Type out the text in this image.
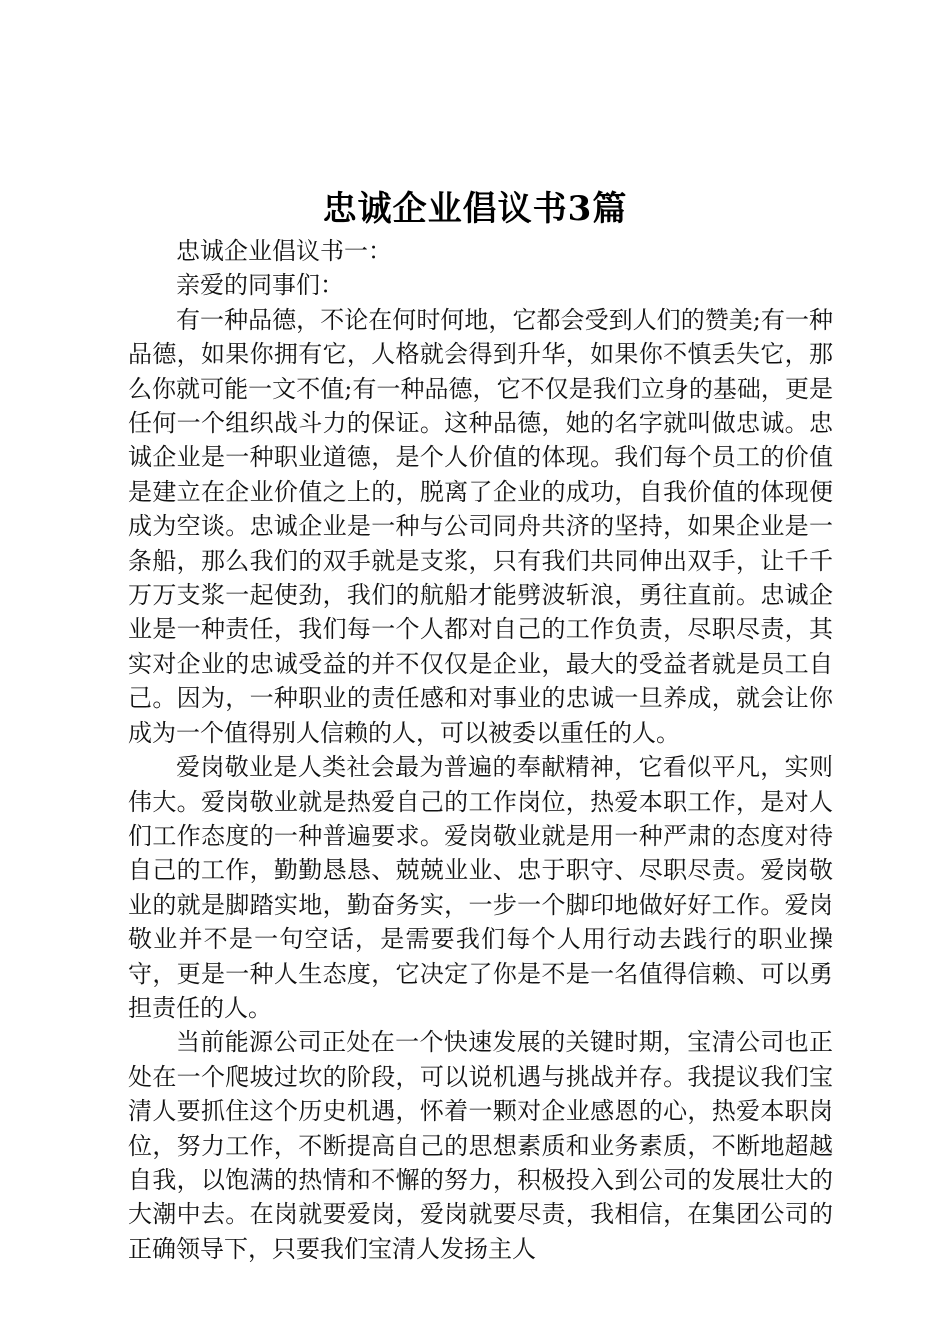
忠诚企业倡议书3篇

忠诚企业倡议书一：

亲爱的同事们：

有一种品德，不论在何时何地，它都会受到人们的赞美;有一种品德，如果你拥有它，人格就会得到升华，如果你不慎丢失它，那么你就可能一文不值;有一种品德，它不仅是我们立身的基础，更是任何一个组织战斗力的保证。这种品德，她的名字就叫做忠诚。忠诚企业是一种职业道德，是个人价值的体现。我们每个员工的价值是建立在企业价值之上的，脱离了企业的成功，自我价值的体现便成为空谈。忠诚企业是一种与公司同舟共济的坚持，如果企业是一条船，那么我们的双手就是支浆，只有我们共同伸出双手，让千千万万支浆一起使劲，我们的航船才能劈波斩浪，勇往直前。忠诚企业是一种责任，我们每一个人都对自己的工作负责，尽职尽责，其实对企业的忠诚受益的并不仅仅是企业，最大的受益者就是员工自己。因为，一种职业的责任感和对事业的忠诚一旦养成，就会让你成为一个值得别人信赖的人，可以被委以重任的人。

爱岗敬业是人类社会最为普遍的奉献精神，它看似平凡，实则伟大。爱岗敬业就是热爱自己的工作岗位，热爱本职工作，是对人们工作态度的一种普遍要求。爱岗敬业就是用一种严肃的态度对待自己的工作，勤勤恳恳、兢兢业业、忠于职守、尽职尽责。爱岗敬业的就是脚踏实地，勤奋务实，一步一个脚印地做好好工作。爱岗敬业并不是一句空话，是需要我们每个人用行动去践行的职业操守，更是一种人生态度，它决定了你是不是一名值得信赖、可以勇担责任的人。

当前能源公司正处在一个快速发展的关键时期，宝清公司也正处在一个爬坡过坎的阶段，可以说机遇与挑战并存。我提议我们宝清人要抓住这个历史机遇，怀着一颗对企业感恩的心，热爱本职岗位，努力工作，不断提高自己的思想素质和业务素质，不断地超越自我，以饱满的热情和不懈的努力，积极投入到公司的发展壮大的大潮中去。在岗就要爱岗，爱岗就要尽责，我相信，在集团公司的正确领导下，只要我们宝清人发扬主人
